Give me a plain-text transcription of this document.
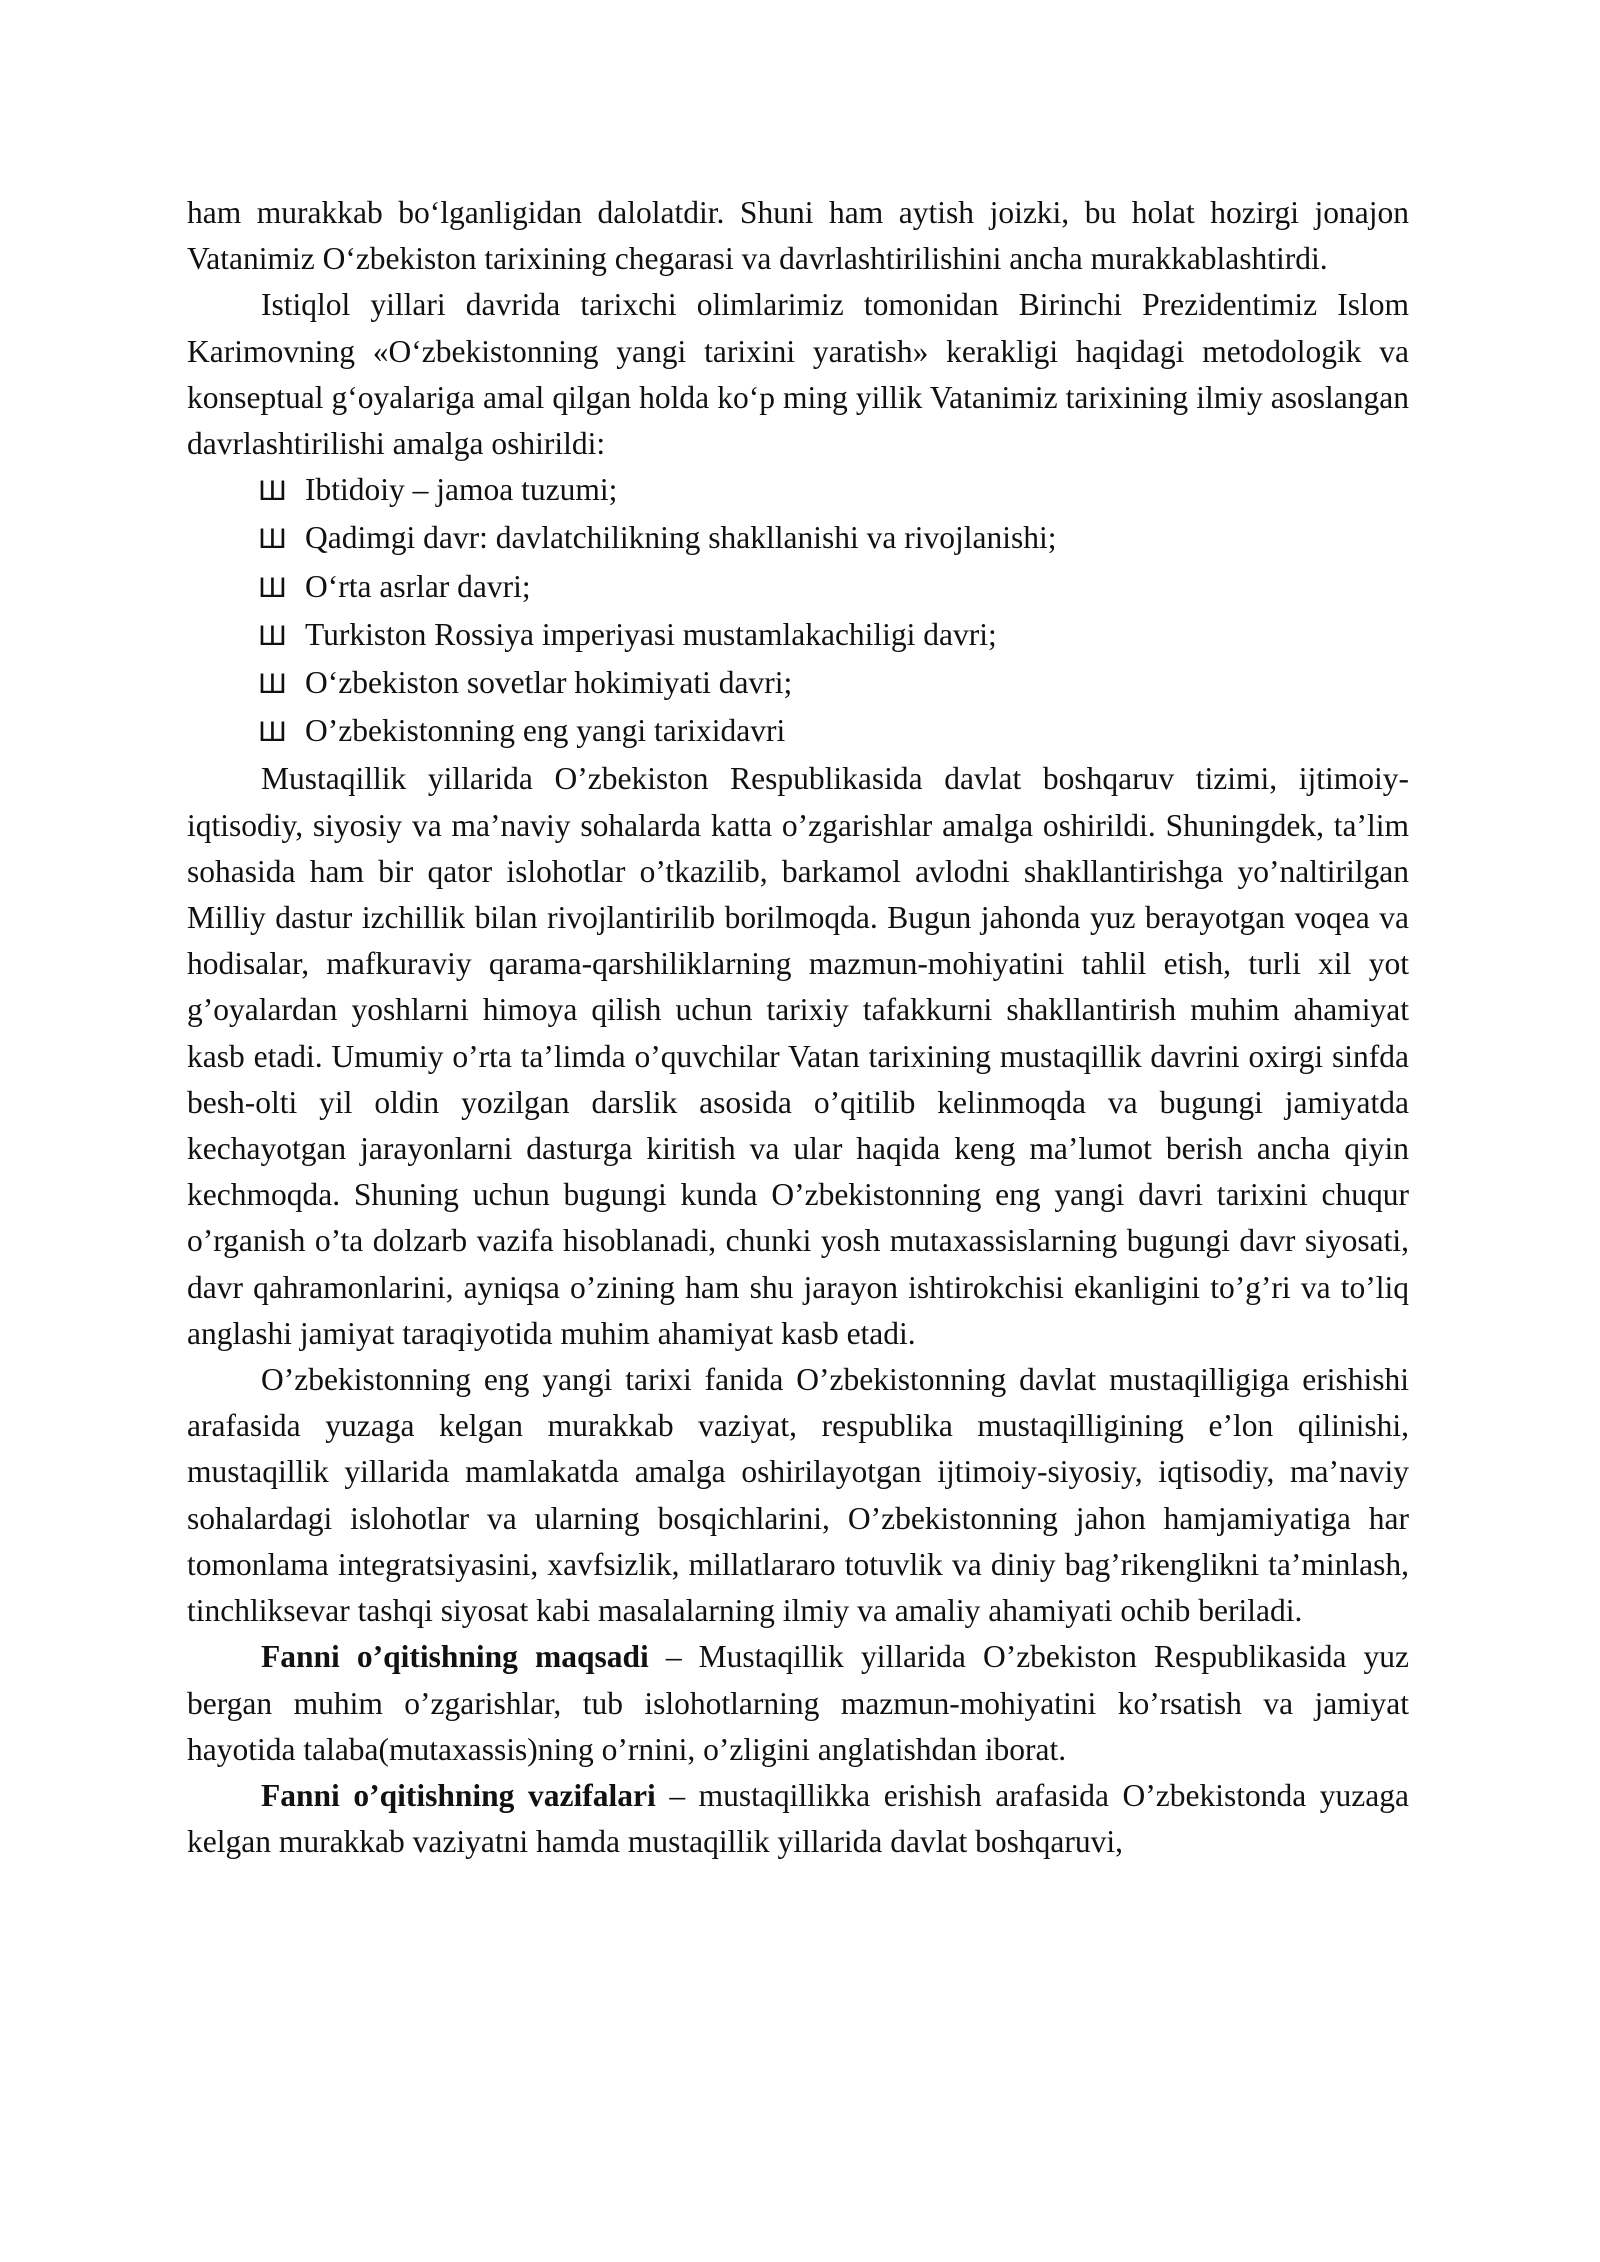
ham murakkab bo‘lganligidan dalolatdir. Shuni ham aytish joizki, bu holat hozirgi jonajon Vatanimiz O‘zbekiston tarixining chegarasi va davrlashtirilishini ancha murakkablashtirdi.

Istiqlol yillari davrida tarixchi olimlarimiz tomonidan Birinchi Prezidentimiz Islom Karimovning «O‘zbekistonning yangi tarixini yaratish» kerakligi haqidagi metodologik va konseptual g‘oyalariga amal qilgan holda ko‘p ming yillik Vatanimiz tarixining ilmiy asoslangan davrlashtirilishi amalga oshirildi:

Ш Ibtidoiy – jamoa tuzumi;
Ш Qadimgi davr: davlatchilikning shakllanishi va rivojlanishi;
Ш O‘rta asrlar davri;
Ш Turkiston Rossiya imperiyasi mustamlakachiligi davri;
Ш O‘zbekiston sovetlar hokimiyati davri;
Ш O’zbekistonning eng yangi tarixidavri

Mustaqillik yillarida O’zbekiston Respublikasida davlat boshqaruv tizimi, ijtimoiy-iqtisodiy, siyosiy va ma’naviy sohalarda katta o’zgarishlar amalga oshirildi. Shuningdek, ta’lim sohasida ham bir qator islohotlar o’tkazilib, barkamol avlodni shakllantirishga yo’naltirilgan Milliy dastur izchillik bilan rivojlantirilib borilmoqda. Bugun jahonda yuz berayotgan voqea va hodisalar, mafkuraviy qarama-qarshiliklarning mazmun-mohiyatini tahlil etish, turli xil yot g’oyalardan yoshlarni himoya qilish uchun tarixiy tafakkurni shakllantirish muhim ahamiyat kasb etadi. Umumiy o’rta ta’limda o’quvchilar Vatan tarixining mustaqillik davrini oxirgi sinfda besh-olti yil oldin yozilgan darslik asosida o’qitilib kelinmoqda va bugungi jamiyatda kechayotgan jarayonlarni dasturga kiritish va ular haqida keng ma’lumot berish ancha qiyin kechmoqda. Shuning uchun bugungi kunda O’zbekistonning eng yangi davri tarixini chuqur o’rganish o’ta dolzarb vazifa hisoblanadi, chunki yosh mutaxassislarning bugungi davr siyosati, davr qahramonlarini, ayniqsa o’zining ham shu jarayon ishtirokchisi ekanligini to’g’ri va to’liq anglashi jamiyat taraqiyotida muhim ahamiyat kasb etadi.

O’zbekistonning eng yangi tarixi fanida O’zbekistonning davlat mustaqilligiga erishishi arafasida yuzaga kelgan murakkab vaziyat, respublika mustaqilligining e’lon qilinishi, mustaqillik yillarida mamlakatda amalga oshirilayotgan ijtimoiy-siyosiy, iqtisodiy, ma’naviy sohalardagi islohotlar va ularning bosqichlarini, O’zbekistonning jahon hamjamiyatiga har tomonlama integratsiyasini, xavfsizlik, millatlararo totuvlik va diniy bag’rikenglikni ta’minlash, tinchliksevar tashqi siyosat kabi masalalarning ilmiy va amaliy ahamiyati ochib beriladi.

Fanni o’qitishning maqsadi – Mustaqillik yillarida O’zbekiston Respublikasida yuz bergan muhim o’zgarishlar, tub islohotlarning mazmun-mohiyatini ko’rsatish va jamiyat hayotida talaba(mutaxassis)ning o’rnini, o’zligini anglatishdan iborat.

Fanni o’qitishning vazifalari – mustaqillikka erishish arafasida O’zbekistonda yuzaga kelgan murakkab vaziyatni hamda mustaqillik yillarida davlat boshqaruvi,
